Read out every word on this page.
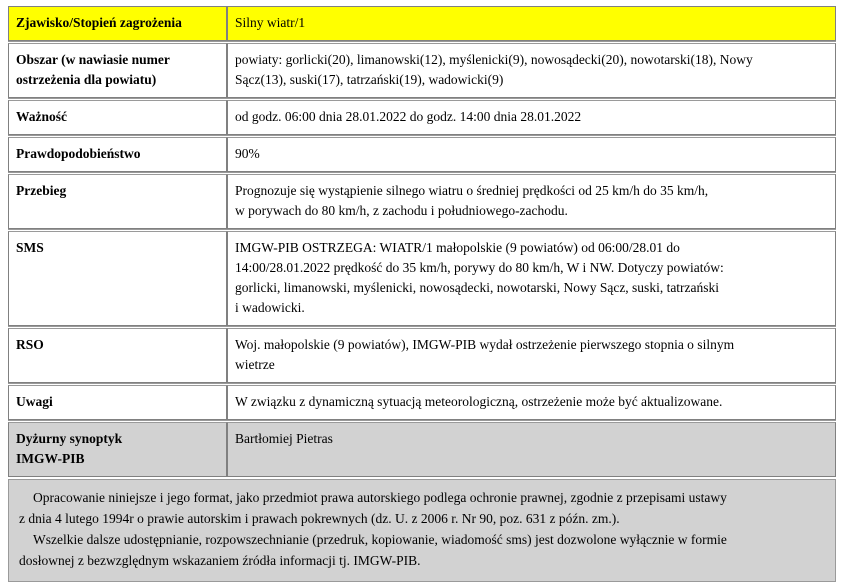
Zjawisko/Stopień zagrożenia	Silny wiatr/1

Obszar (w nawiasie numer
ostrzeżenia dla powiatu)	powiaty: gorlicki(20), limanowski(12), myślenicki(9), nowosądecki(20), nowotarski(18), Nowy
Sącz(13), suski(17), tatrzański(19), wadowicki(9)

Ważność	od godz. 06:00 dnia 28.01.2022 do godz. 14:00 dnia 28.01.2022

Prawdopodobieństwo	90%

Przebieg	Prognozuje się wystąpienie silnego wiatru o średniej prędkości od 25 km/h do 35 km/h,
w porywach do 80 km/h, z zachodu i południowego-zachodu.

SMS	IMGW-PIB OSTRZEGA: WIATR/1 małopolskie (9 powiatów) od 06:00/28.01 do
14:00/28.01.2022 prędkość do 35 km/h, porywy do 80 km/h, W i NW. Dotyczy powiatów:
gorlicki, limanowski, myślenicki, nowosądecki, nowotarski, Nowy Sącz, suski, tatrzański
i wadowicki.

RSO	Woj. małopolskie (9 powiatów), IMGW-PIB wydał ostrzeżenie pierwszego stopnia o silnym
wietrze

Uwagi	W związku z dynamiczną sytuacją meteorologiczną, ostrzeżenie może być aktualizowane.

Dyżurny synoptyk
IMGW-PIB	Bartłomiej Pietras

Opracowanie niniejsze i jego format, jako przedmiot prawa autorskiego podlega ochronie prawnej, zgodnie z przepisami ustawy

z dnia 4 lutego 1994r o prawie autorskim i prawach pokrewnych (dz. U. z 2006 r. Nr 90, poz. 631 z późn. zm.).

Wszelkie dalsze udostępnianie, rozpowszechnianie (przedruk, kopiowanie, wiadomość sms) jest dozwolone wyłącznie w formie

dosłownej z bezwzględnym wskazaniem źródła informacji tj. IMGW-PIB.
